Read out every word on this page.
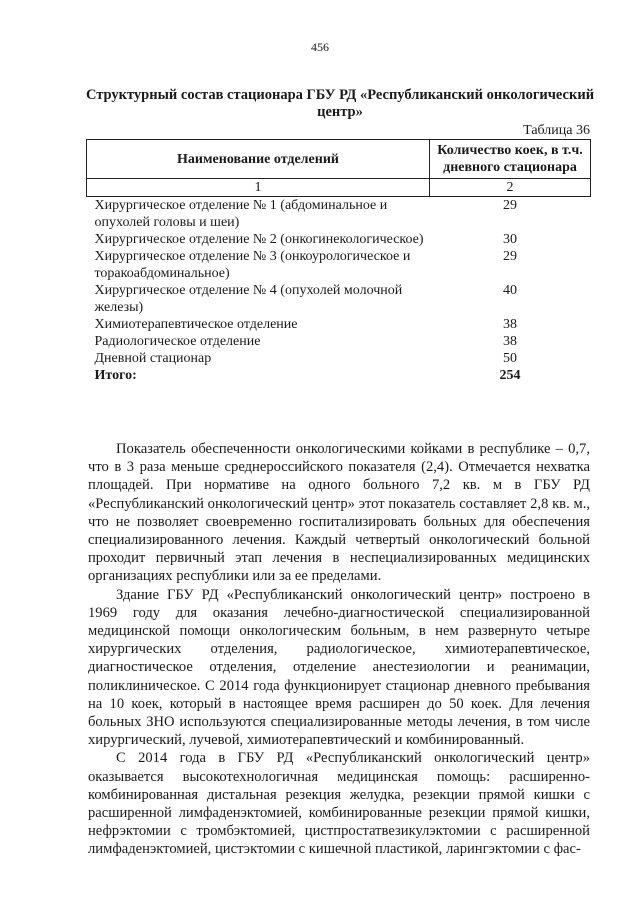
456
Структурный состав стационара ГБУ РД «Республиканский онкологический центр»
Таблица 36
Наименование отделений	Количество коек, в т.ч. дневного стационара
1	2
Хирургическое отделение № 1 (абдоминальное и опухолей головы и шеи)	29
Хирургическое отделение № 2 (онкогинекологическое)	30
Хирургическое отделение № 3 (онкоурологическое и торакоабдоминальное)	29
Хирургическое отделение № 4 (опухолей молочной железы)	40
Химиотерапевтическое отделение	38
Радиологическое отделение	38
Дневной стационар	50
Итого:	254

Показатель обеспеченности онкологическими койками в республике – 0,7, что в 3 раза меньше среднероссийского показателя (2,4). Отмечается нехватка площадей. При нормативе на одного больного 7,2 кв. м в ГБУ РД «Республиканский онкологический центр» этот показатель составляет 2,8 кв. м., что не позволяет своевременно госпитализировать больных для обеспечения специализированного лечения. Каждый четвертый онкологический больной проходит первичный этап лечения в неспециализированных медицинских организациях республики или за ее пределами.

Здание ГБУ РД «Республиканский онкологический центр» построено в 1969 году для оказания лечебно-диагностической специализированной медицинской помощи онкологическим больным, в нем развернуто четыре хирургических отделения, радиологическое, химиотерапевтическое, диагностическое отделения, отделение анестезиологии и реанимации, поликлиническое. С 2014 года функционирует стационар дневного пребывания на 10 коек, который в настоящее время расширен до 50 коек. Для лечения больных ЗНО используются специализированные методы лечения, в том числе хирургический, лучевой, химиотерапевтический и комбинированный.

С 2014 года в ГБУ РД «Республиканский онкологический центр» оказывается высокотехнологичная медицинская помощь: расширенно-комбинированная дистальная резекция желудка, резекции прямой кишки с расширенной лимфаденэктомией, комбинированные резекции прямой кишки, нефрэктомии с тромбэктомией, цистпростатвезикулэктомии с расширенной лимфаденэктомией, цистэктомии с кишечной пластикой, ларингэктомии с фас-
